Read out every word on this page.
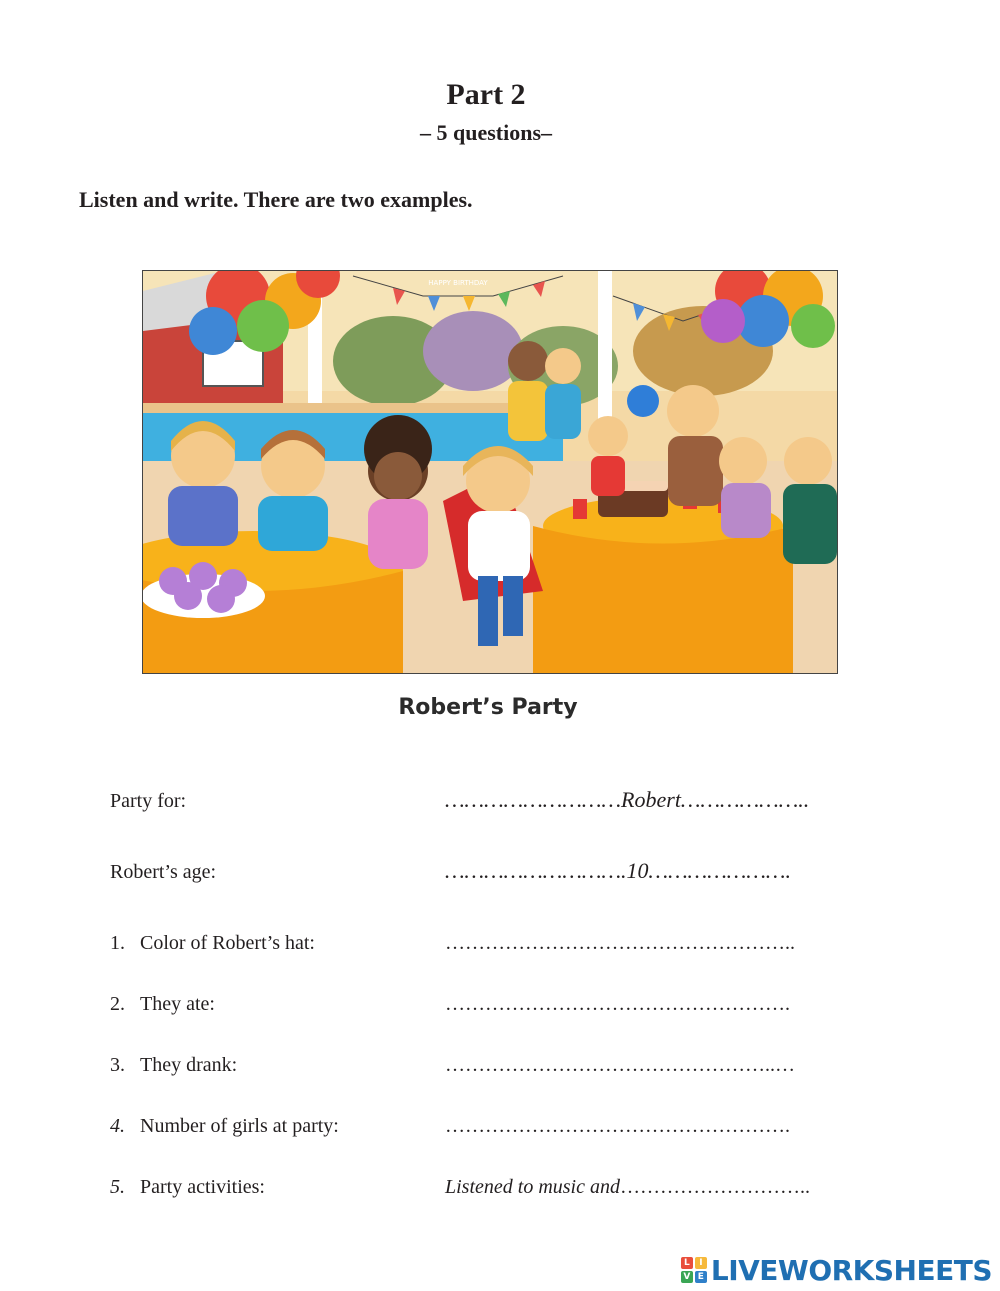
Part 2
– 5 questions–
Listen and write. There are two examples.
HAPPY BIRTHDAY
Robert’s Party
Party for:	………………………Robert………………..
Robert’s age:	……………………….10………………….
1. Color of Robert’s hat:	……………………………………………..
2. They ate:	…………………………………………….
3. They drank:	…………………………………………..…
4. Number of girls at party:	…………………………………………….
5. Party activities:	Listened to music and………………………..
L	I
V E LIVEWORKSHEETS
